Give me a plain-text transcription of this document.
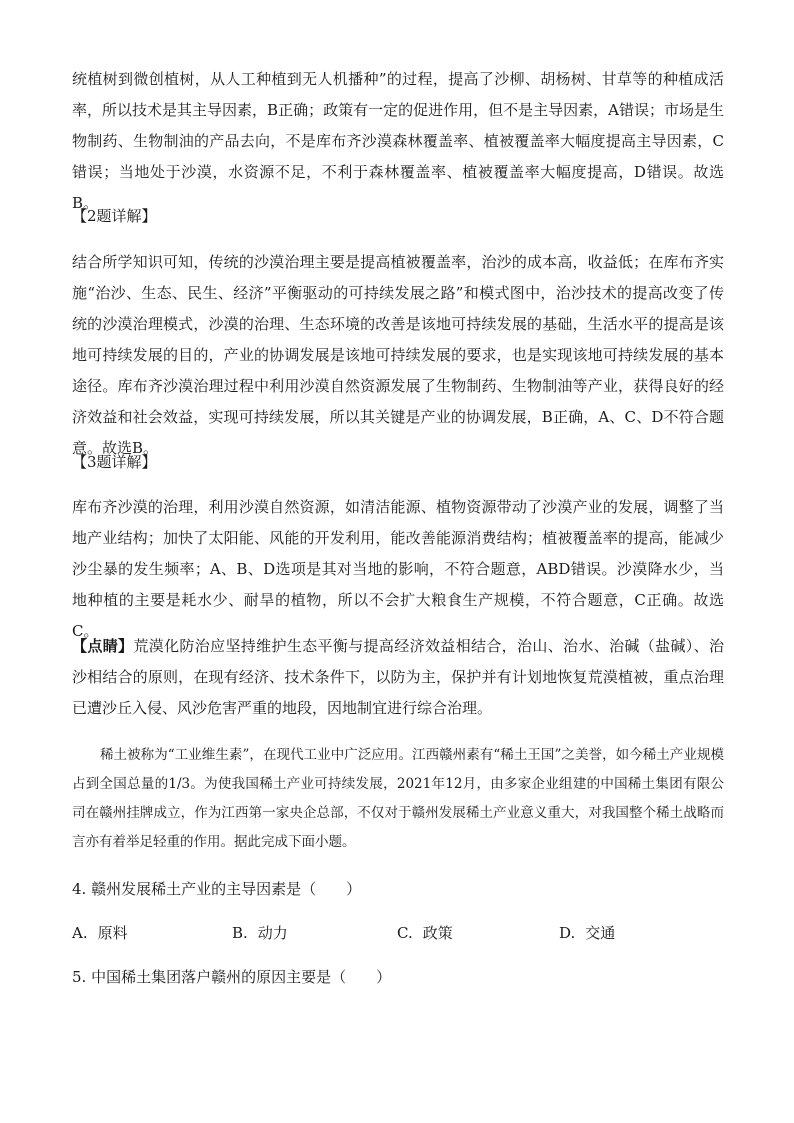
统植树到微创植树，从人工种植到无人机播种”的过程，提高了沙柳、胡杨树、甘草等的种植成活率，所以技术是其主导因素，B正确；政策有一定的促进作用，但不是主导因素，A错误；市场是生物制药、生物制油的产品去向，不是库布齐沙漠森林覆盖率、植被覆盖率大幅度提高主导因素，C错误；当地处于沙漠，水资源不足，不利于森林覆盖率、植被覆盖率大幅度提高，D错误。故选B。

【2题详解】

结合所学知识可知，传统的沙漠治理主要是提高植被覆盖率，治沙的成本高，收益低；在库布齐实施“治沙、生态、民生、经济”平衡驱动的可持续发展之路”和模式图中，治沙技术的提高改变了传统的沙漠治理模式，沙漠的治理、生态环境的改善是该地可持续发展的基础，生活水平的提高是该地可持续发展的目的，产业的协调发展是该地可持续发展的要求，也是实现该地可持续发展的基本途径。库布齐沙漠治理过程中利用沙漠自然资源发展了生物制药、生物制油等产业，获得良好的经济效益和社会效益，实现可持续发展，所以其关键是产业的协调发展，B正确，A、C、D不符合题意。故选B。

【3题详解】

库布齐沙漠的治理，利用沙漠自然资源，如清洁能源、植物资源带动了沙漠产业的发展，调整了当地产业结构；加快了太阳能、风能的开发利用，能改善能源消费结构；植被覆盖率的提高，能减少沙尘暴的发生频率；A、B、D选项是其对当地的影响，不符合题意，ABD错误。沙漠降水少，当地种植的主要是耗水少、耐旱的植物，所以不会扩大粮食生产规模，不符合题意，C正确。故选C。

【点睛】荒漠化防治应坚持维护生态平衡与提高经济效益相结合，治山、治水、治碱（盐碱）、治沙相结合的原则，在现有经济、技术条件下，以防为主，保护并有计划地恢复荒漠植被，重点治理已遭沙丘入侵、风沙危害严重的地段，因地制宜进行综合治理。

稀土被称为“工业维生素”，在现代工业中广泛应用。江西赣州素有“稀土王国”之美誉，如今稀土产业规模占到全国总量的1/3。为使我国稀土产业可持续发展，2021年12月，由多家企业组建的中国稀土集团有限公司在赣州挂牌成立，作为江西第一家央企总部，不仅对于赣州发展稀土产业意义重大，对我国整个稀土战略而言亦有着举足轻重的作用。据此完成下面小题。

4. 赣州发展稀土产业的主导因素是（　　）

A. 原料	B. 动力	C. 政策	D. 交通

5. 中国稀土集团落户赣州的原因主要是（　　）
